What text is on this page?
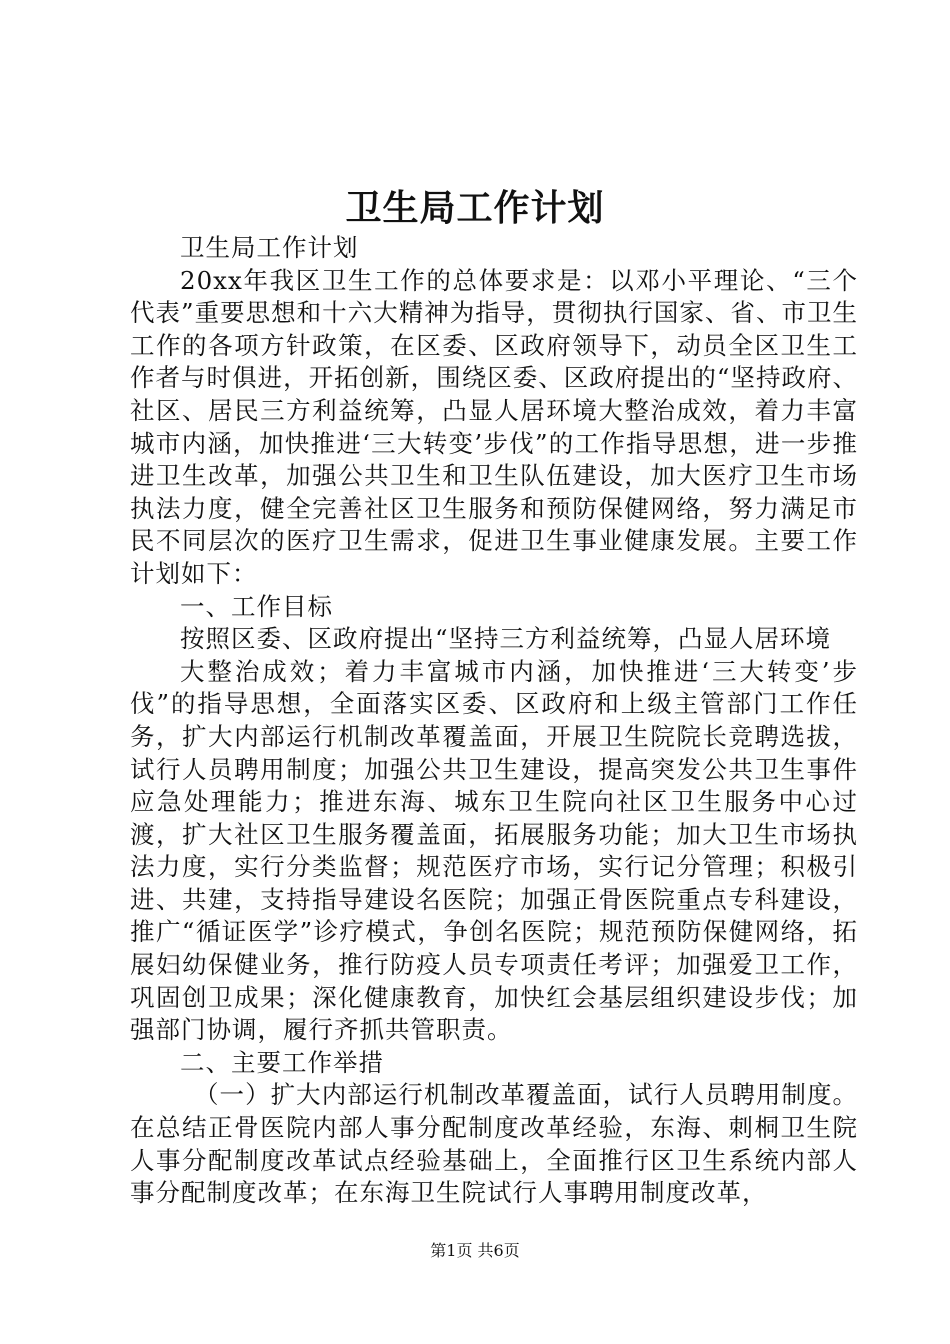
卫生局工作计划

卫生局工作计划

20xx年我区卫生工作的总体要求是：以邓小平理论、“三个代表”重要思想和十六大精神为指导，贯彻执行国家、省、市卫生工作的各项方针政策，在区委、区政府领导下，动员全区卫生工作者与时俱进，开拓创新，围绕区委、区政府提出的“坚持政府、社区、居民三方利益统筹，凸显人居环境大整治成效，着力丰富城市内涵，加快推进‘三大转变’步伐”的工作指导思想，进一步推进卫生改革，加强公共卫生和卫生队伍建设，加大医疗卫生市场执法力度，健全完善社区卫生服务和预防保健网络，努力满足市民不同层次的医疗卫生需求，促进卫生事业健康发展。主要工作计划如下：

一、工作目标

按照区委、区政府提出“坚持三方利益统筹，凸显人居环境

大整治成效；着力丰富城市内涵，加快推进‘三大转变’步伐”的指导思想，全面落实区委、区政府和上级主管部门工作任务，扩大内部运行机制改革覆盖面，开展卫生院院长竞聘选拔，试行人员聘用制度；加强公共卫生建设，提高突发公共卫生事件应急处理能力；推进东海、城东卫生院向社区卫生服务中心过渡，扩大社区卫生服务覆盖面，拓展服务功能；加大卫生市场执法力度，实行分类监督；规范医疗市场，实行记分管理；积极引进、共建，支持指导建设名医院；加强正骨医院重点专科建设，推广“循证医学”诊疗模式，争创名医院；规范预防保健网络，拓展妇幼保健业务，推行防疫人员专项责任考评；加强爱卫工作，巩固创卫成果；深化健康教育，加快红会基层组织建设步伐；加强部门协调，履行齐抓共管职责。

二、主要工作举措

（一）扩大内部运行机制改革覆盖面，试行人员聘用制度。在总结正骨医院内部人事分配制度改革经验，东海、刺桐卫生院人事分配制度改革试点经验基础上，全面推行区卫生系统内部人事分配制度改革；在东海卫生院试行人事聘用制度改革，

第1页 共6页
